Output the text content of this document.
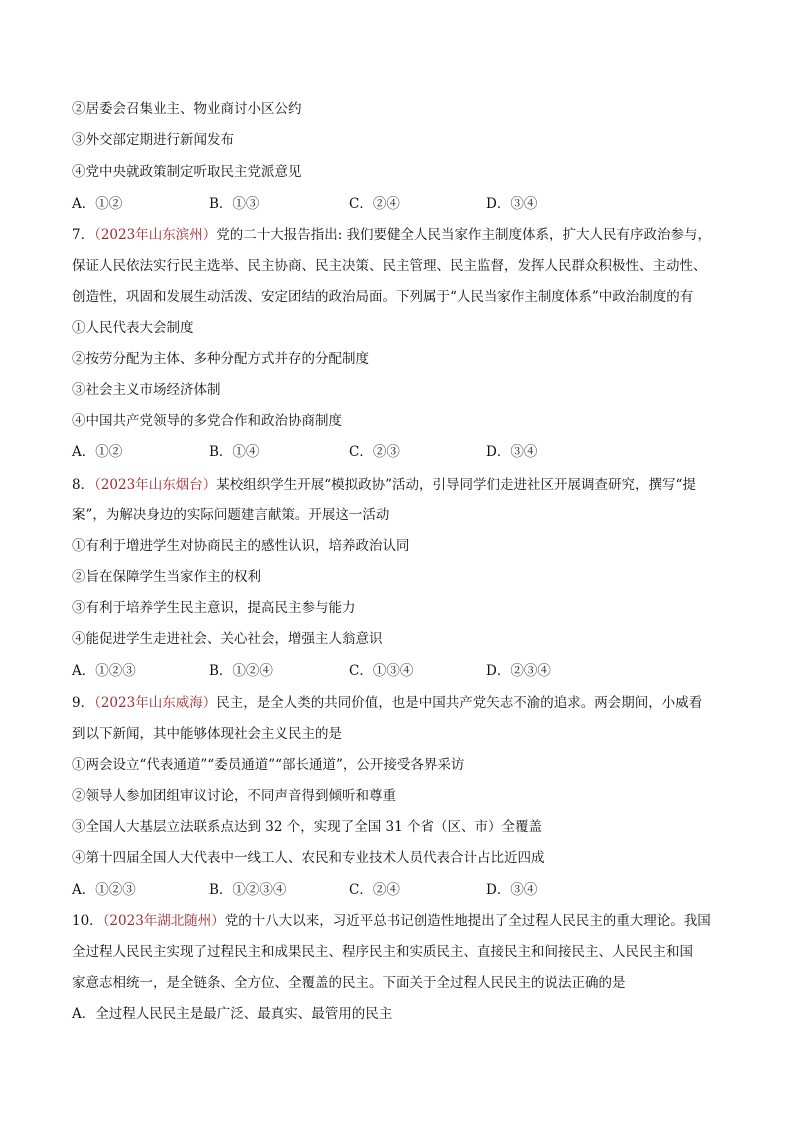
②居委会召集业主、物业商讨小区公约
③外交部定期进行新闻发布
④党中央就政策制定听取民主党派意见
A．①②	B．①③	C．②④	D．③④
7．（2023年山东滨州）党的二十大报告指出: 我们要健全人民当家作主制度体系，扩大人民有序政治参与，
保证人民依法实行民主选举、民主协商、民主决策、民主管理、民主监督，发挥人民群众积极性、主动性、
创造性，巩固和发展生动活泼、安定团结的政治局面。下列属于“人民当家作主制度体系”中政治制度的有
①人民代表大会制度
②按劳分配为主体、多种分配方式并存的分配制度
③社会主义市场经济体制
④中国共产党领导的多党合作和政治协商制度
A．①②	B．①④	C．②③	D．③④
8．（2023年山东烟台）某校组织学生开展“模拟政协”活动，引导同学们走进社区开展调查研究，撰写“提
案”，为解决身边的实际问题建言献策。开展这一活动
①有利于增进学生对协商民主的感性认识，培养政治认同
②旨在保障学生当家作主的权利
③有利于培养学生民主意识，提高民主参与能力
④能促进学生走进社会、关心社会，增强主人翁意识
A．①②③	B．①②④	C．①③④	D．②③④
9．（2023年山东威海）民主，是全人类的共同价值，也是中国共产党矢志不渝的追求。两会期间，小威看
到以下新闻，其中能够体现社会主义民主的是
①两会设立“代表通道”“委员通道”“部长通道”，公开接受各界采访
②领导人参加团组审议讨论，不同声音得到倾听和尊重
③全国人大基层立法联系点达到 32 个，实现了全国 31 个省（区、市）全覆盖
④第十四届全国人大代表中一线工人、农民和专业技术人员代表合计占比近四成
A．①②③	B．①②③④	C．②④	D．③④
10．（2023年湖北随州）党的十八大以来，习近平总书记创造性地提出了全过程人民民主的重大理论。我国
全过程人民民主实现了过程民主和成果民主、程序民主和实质民主、直接民主和间接民主、人民民主和国
家意志相统一，是全链条、全方位、全覆盖的民主。下面关于全过程人民民主的说法正确的是
A．全过程人民民主是最广泛、最真实、最管用的民主
